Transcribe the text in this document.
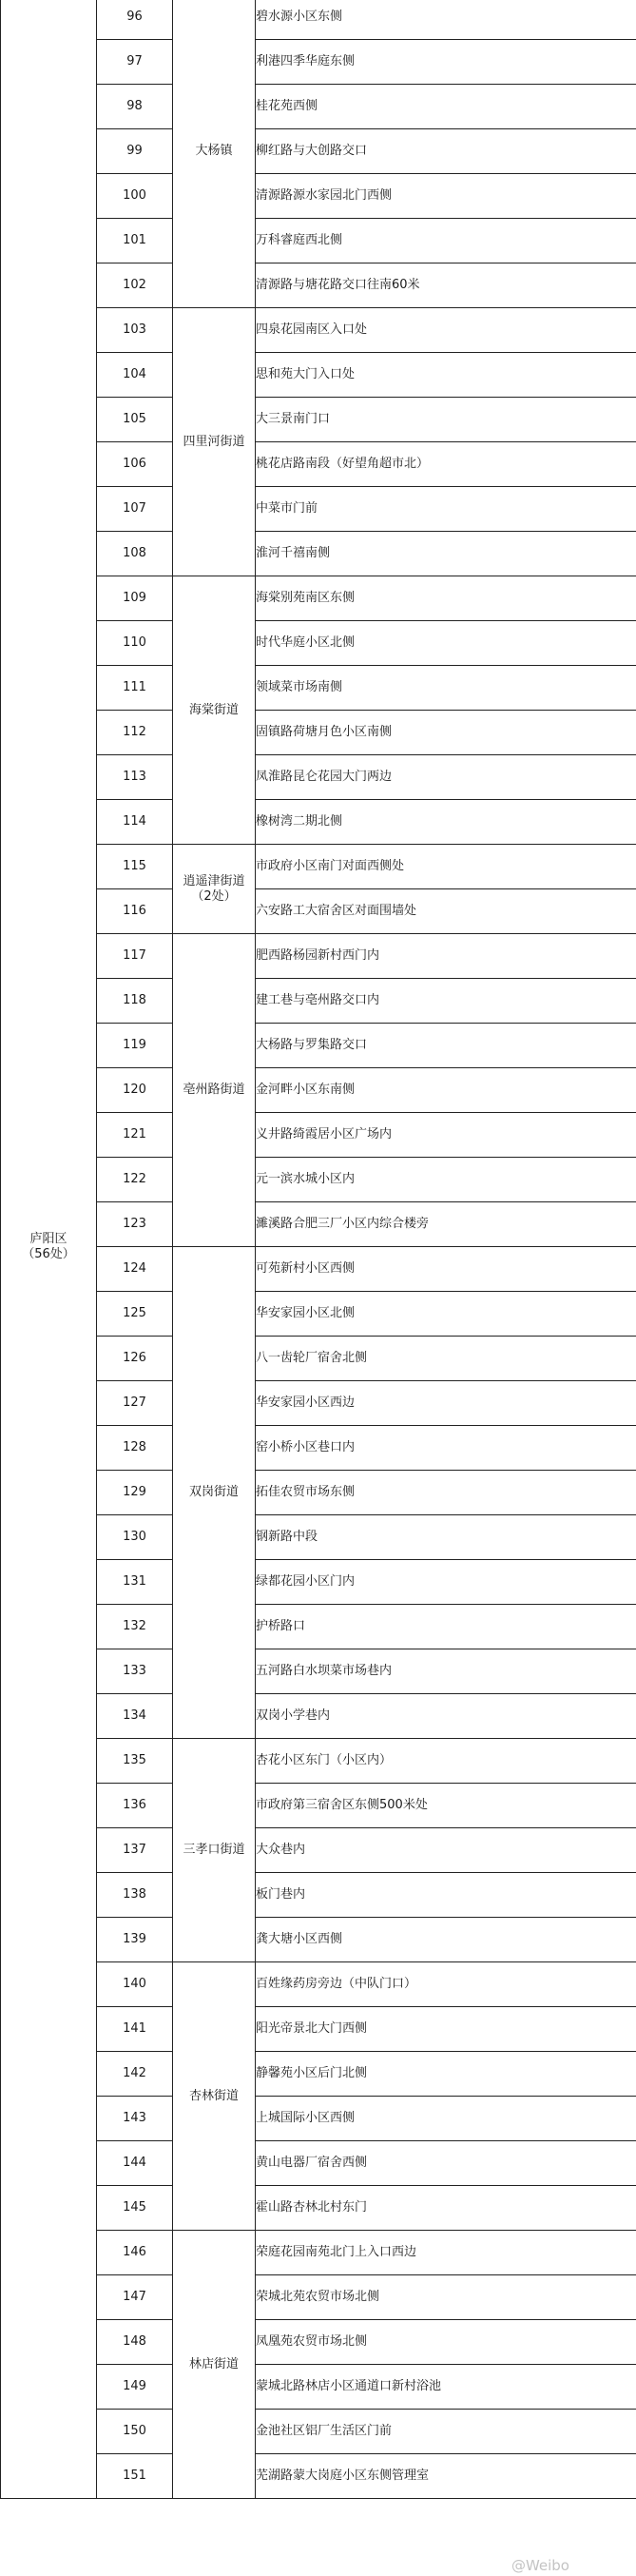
庐阳区
（56处）	96	大杨镇	碧水源小区东侧
	97		利港四季华庭东侧
	98		桂花苑西侧
	99		柳红路与大创路交口
	100		清源路源水家园北门西侧
	101		万科睿庭西北侧
	102		清源路与塘花路交口往南60米
	103	四里河街道	四泉花园南区入口处
	104		思和苑大门入口处
	105		大三景南门口
	106		桃花店路南段（好望角超市北）
	107		中菜市门前
	108		淮河千禧南侧
	109	海棠街道	海棠别苑南区东侧
	110		时代华庭小区北侧
	111		领域菜市场南侧
	112		固镇路荷塘月色小区南侧
	113		凤淮路昆仑花园大门两边
	114		橡树湾二期北侧
	115	逍遥津街道（2处）	市政府小区南门对面西侧处
	116		六安路工大宿舍区对面围墙处
	117	亳州路街道	肥西路杨园新村西门内
	118		建工巷与亳州路交口内
	119		大杨路与罗集路交口
	120		金河畔小区东南侧
	121		义井路绮霞居小区广场内
	122		元一滨水城小区内
	123		濉溪路合肥三厂小区内综合楼旁
	124	双岗街道	可苑新村小区西侧
	125		华安家园小区北侧
	126		八一齿轮厂宿舍北侧
	127		华安家园小区西边
	128		窑小桥小区巷口内
	129		拓佳农贸市场东侧
	130		钢新路中段
	131		绿都花园小区门内
	132		护桥路口
	133		五河路白水坝菜市场巷内
	134		双岗小学巷内
	135	三孝口街道	杏花小区东门（小区内）
	136		市政府第三宿舍区东侧500米处
	137		大众巷内
	138		板门巷内
	139		龚大塘小区西侧
	140	杏林街道	百姓缘药房旁边（中队门口）
	141		阳光帝景北大门西侧
	142		静馨苑小区后门北侧
	143		上城国际小区西侧
	144		黄山电器厂宿舍西侧
	145		霍山路杏林北村东门
	146	林店街道	荣庭花园南苑北门上入口西边
	147		荣城北苑农贸市场北侧
	148		凤凰苑农贸市场北侧
	149		蒙城北路林店小区通道口新村浴池
	150		金池社区铝厂生活区门前
	151		芜湖路蒙大岗庭小区东侧管理室
@Weibo
